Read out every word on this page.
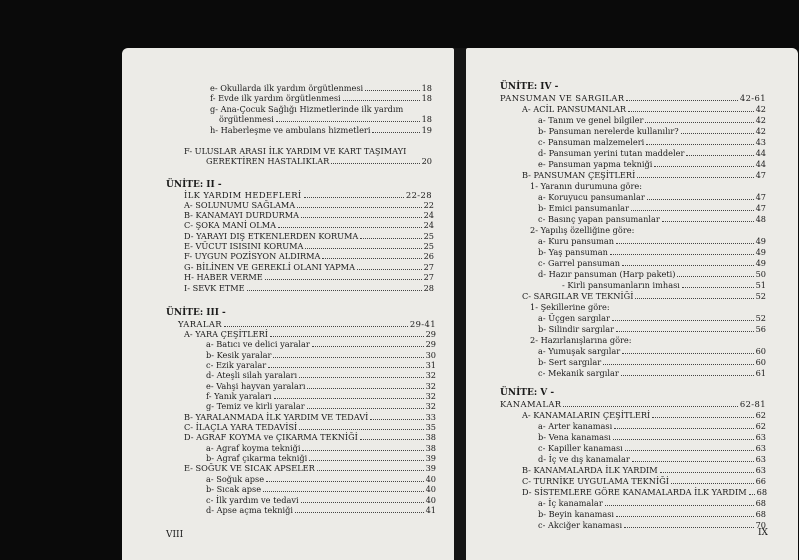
e- Okullarda ilk yardım örgütlenmesi	18
f- Evde ilk yardım örgütlenmesi	18
g- Ana-Çocuk Sağlığı Hizmetlerinde ilk yardım
örgütlenmesi	18
h- Haberleşme ve ambulans hizmetleri	19
F- ULUSLAR ARASI İLK YARDIM VE KART TAŞIMAYI
GEREKTİREN HASTALIKLAR	20
ÜNİTE: II -
İLK YARDIM HEDEFLERİ	22-28
A- SOLUNUMU SAĞLAMA	22
B- KANAMAYI DURDURMA	24
C- ŞOKA MANİ OLMA	24
D- YARAYI DIŞ ETKENLERDEN KORUMA	25
E- VÜCUT ISISINI KORUMA	25
F- UYGUN POZİSYON ALDIRMA	26
G- BİLİNEN VE GEREKLİ OLANI YAPMA	27
H- HABER VERME	27
I- SEVK ETME	28
ÜNİTE: III -
YARALAR	29-41
A- YARA ÇEŞİTLERİ	29
a- Batıcı ve delici yaralar	29
b- Kesik yaralar	30
c- Ezik yaralar	31
d- Ateşli silah yaraları	32
e- Vahşi hayvan yaraları	32
f- Yanık yaraları	32
g- Temiz ve kirli yaralar	32
B- YARALANMADA İLK YARDIM VE TEDAVİ	33
C- İLAÇLA YARA TEDAVİSİ	35
D- AGRAF KOYMA ve ÇIKARMA TEKNİĞİ	38
a- Agraf koyma tekniği	38
b- Agraf çıkarma tekniği	39
E- SOĞUK VE SICAK APSELER	39
a- Soğuk apse	40
b- Sıcak apse	40
c- İlk yardım ve tedavi	40
d- Apse açma tekniği	41
VIII
ÜNİTE: IV -
PANSUMAN VE SARGILAR	42-61
A- ACİL PANSUMANLAR	42
a- Tanım ve genel bilgiler	42
b- Pansuman nerelerde kullanılır?	42
c- Pansuman malzemeleri	43
d- Pansuman yerini tutan maddeler	44
e- Pansuman yapma tekniği	44
B- PANSUMAN ÇEŞİTLERİ	47
1- Yaranın durumuna göre:
a- Koruyucu pansumanlar	47
b- Emici pansumanlar	47
c- Basınç yapan pansumanlar	48
2- Yapılış özelliğine göre:
a- Kuru pansuman	49
b- Yaş pansuman	49
c- Garrel pansuman	49
d- Hazır pansuman (Harp paketi)	50
- Kirli pansumanların imhası	51
C- SARGILAR VE TEKNİĞİ	52
1- Şekillerine göre:
a- Üçgen sargılar	52
b- Silindir sargılar	56
2- Hazırlanışlarına göre:
a- Yumuşak sargılar	60
b- Sert sargılar	60
c- Mekanik sargılar	61
ÜNİTE: V -
KANAMALAR	62-81
A- KANAMALARIN ÇEŞİTLERİ	62
a- Arter kanaması	62
b- Vena kanaması	63
c- Kapiller kanaması	63
d- İç ve dış kanamalar	63
B- KANAMALARDA İLK YARDIM	63
C- TURNİKE UYGULAMA TEKNİĞİ	66
D- SİSTEMLERE GÖRE KANAMALARDA İLK YARDIM 68
a- İç kanamalar	68
b- Beyin kanaması	68
c- Akciğer kanaması	70
IX
